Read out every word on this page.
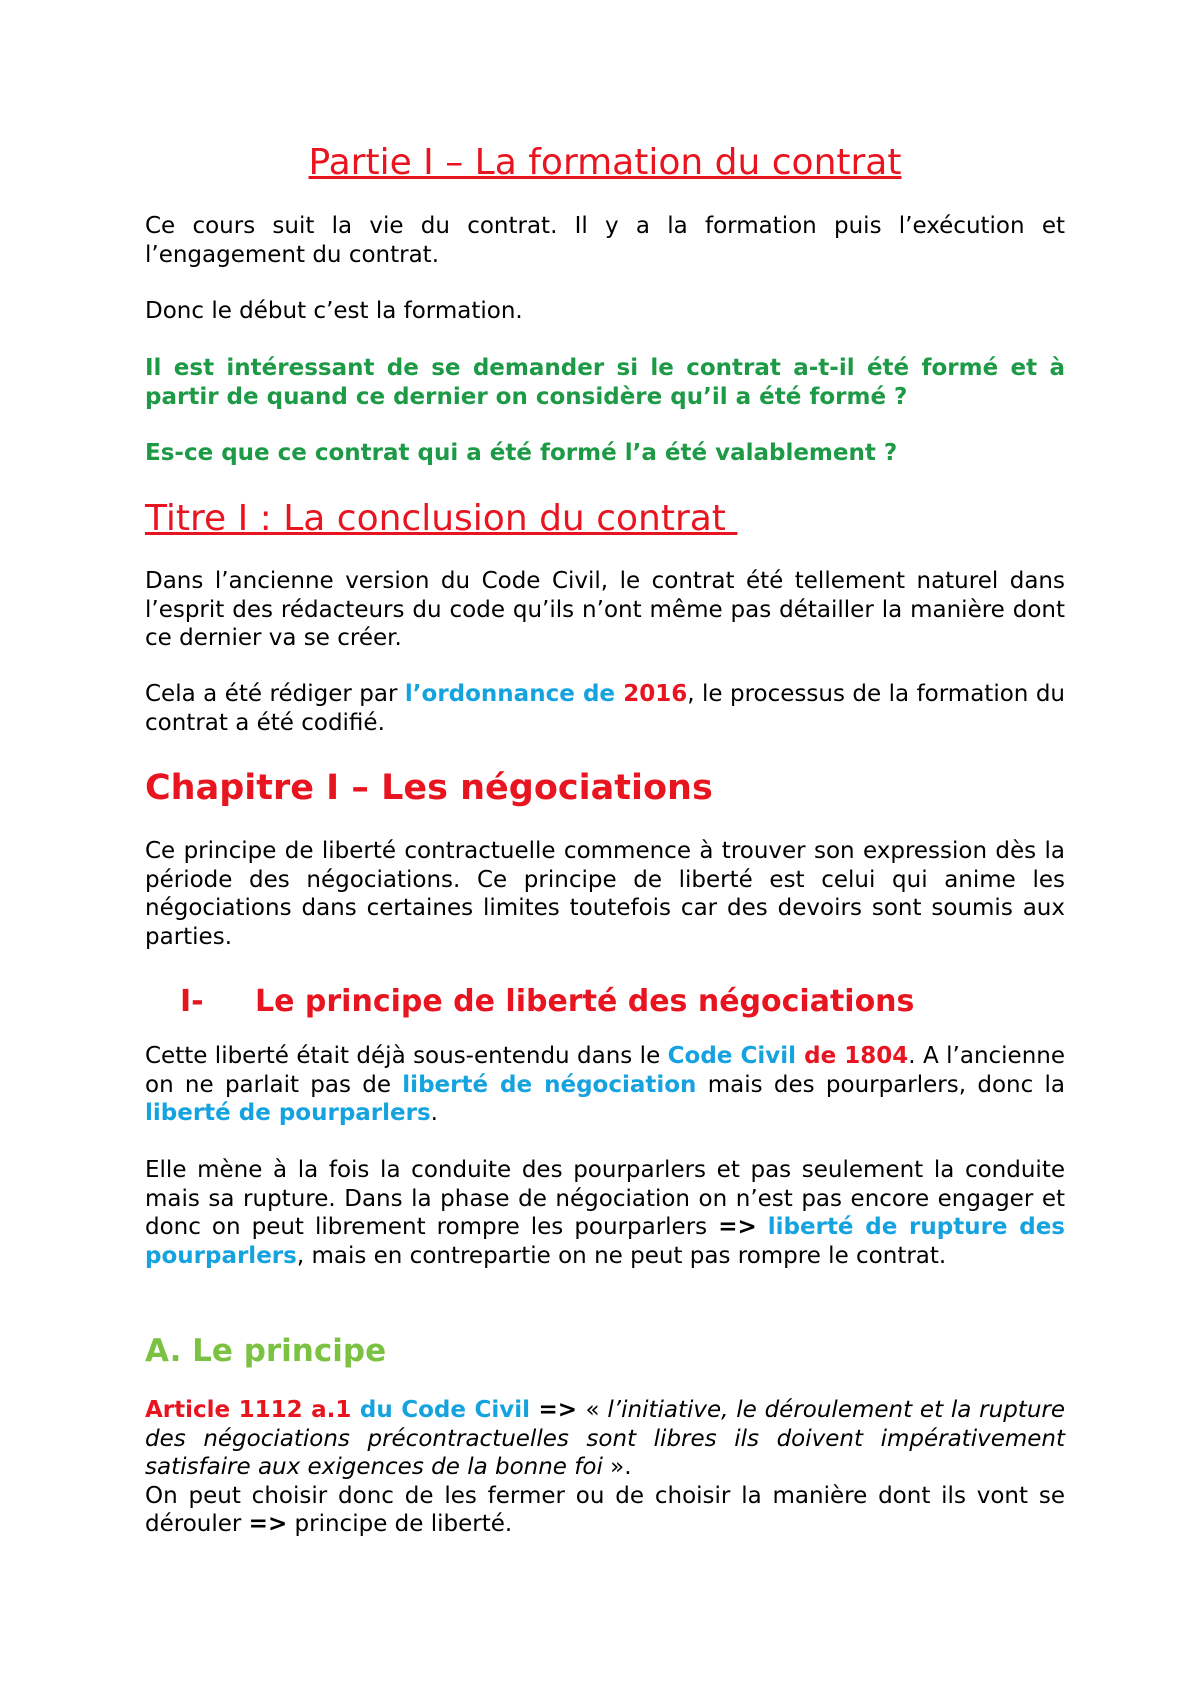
Partie I – La formation du contrat

Ce cours suit la vie du contrat. Il y a la formation puis l’exécution et l’engagement du contrat.

Donc le début c’est la formation.

Il est intéressant de se demander si le contrat a-t-il été formé et à partir de quand ce dernier on considère qu’il a été formé ?

Es-ce que ce contrat qui a été formé l’a été valablement ?

Titre I : La conclusion du contrat

Dans l’ancienne version du Code Civil, le contrat été tellement naturel dans l’esprit des rédacteurs du code qu’ils n’ont même pas détailler la manière dont ce dernier va se créer.

Cela a été rédiger par l’ordonnance de 2016, le processus de la formation du contrat a été codifié.

Chapitre I – Les négociations

Ce principe de liberté contractuelle commence à trouver son expression dès la période des négociations. Ce principe de liberté est celui qui anime les négociations dans certaines limites toutefois car des devoirs sont soumis aux parties.

I- Le principe de liberté des négociations

Cette liberté était déjà sous-entendu dans le Code Civil de 1804. A l’ancienne on ne parlait pas de liberté de négociation mais des pourparlers, donc la liberté de pourparlers.

Elle mène à la fois la conduite des pourparlers et pas seulement la conduite mais sa rupture. Dans la phase de négociation on n’est pas encore engager et donc on peut librement rompre les pourparlers => liberté de rupture des pourparlers, mais en contrepartie on ne peut pas rompre le contrat.

A. Le principe

Article 1112 a.1 du Code Civil => « l’initiative, le déroulement et la rupture des négociations précontractuelles sont libres ils doivent impérativement satisfaire aux exigences de la bonne foi ».
On peut choisir donc de les fermer ou de choisir la manière dont ils vont se dérouler => principe de liberté.
